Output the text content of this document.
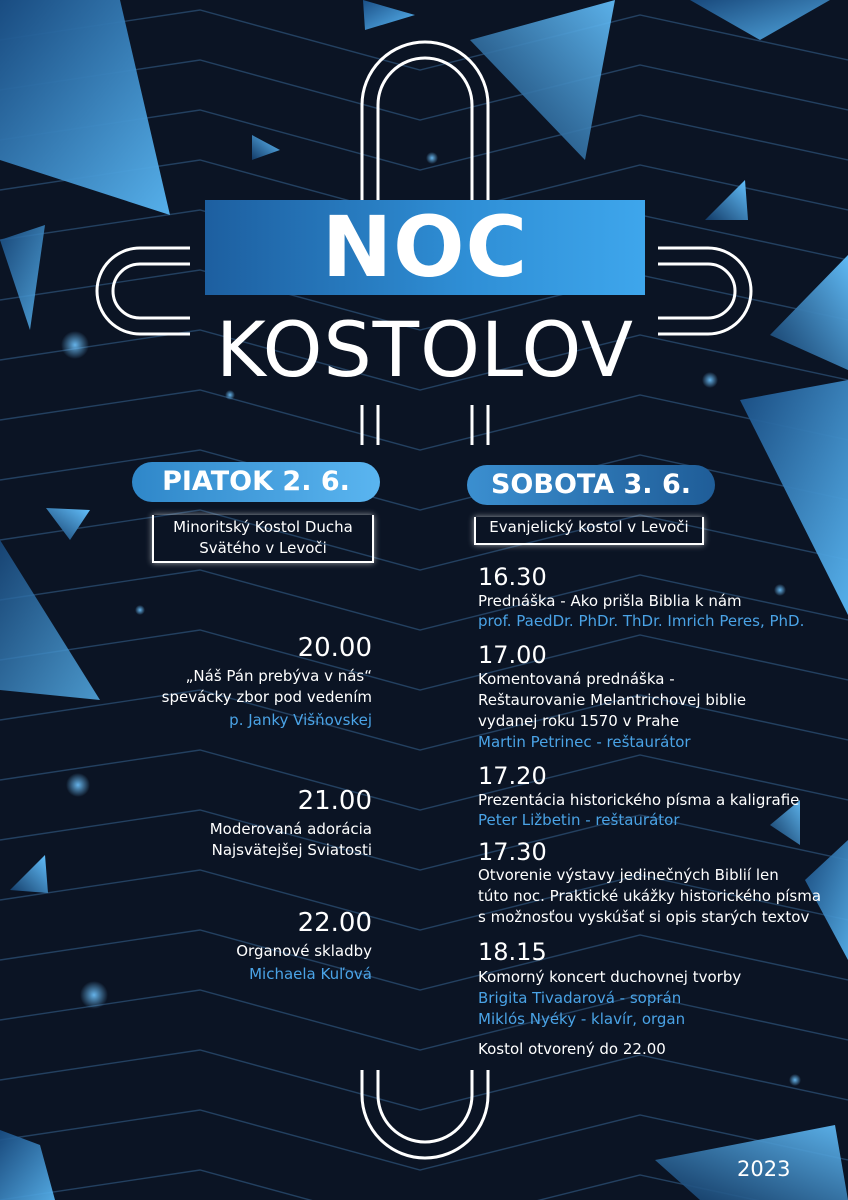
NOC
KOSTOLOV
PIATOK 2. 6.	SOBOTA 3. 6.
Minoritský Kostol Ducha
Svätého v Levoči
Evanjelický kostol v Levoči
20.00
„Náš Pán prebýva v nás“
spevácky zbor pod vedením
p. Janky Višňovskej
21.00
Moderovaná adorácia
Najsvätejšej Sviatosti
22.00
Organové skladby
Michaela Kuľová
16.30
Prednáška - Ako prišla Biblia k nám
prof. PaedDr. PhDr. ThDr. Imrich Peres, PhD.
17.00
Komentovaná prednáška -
Reštaurovanie Melantrichovej biblie
vydanej roku 1570 v Prahe
Martin Petrinec - reštaurátor
17.20
Prezentácia historického písma a kaligrafie
Peter Ližbetin - reštaurátor
17.30
Otvorenie výstavy jedinečných Biblií len
túto noc. Praktické ukážky historického písma
s možnosťou vyskúšať si opis starých textov
18.15
Komorný koncert duchovnej tvorby
Brigita Tivadarová - soprán
Miklós Nyéky - klavír, organ
Kostol otvorený do 22.00
2023
